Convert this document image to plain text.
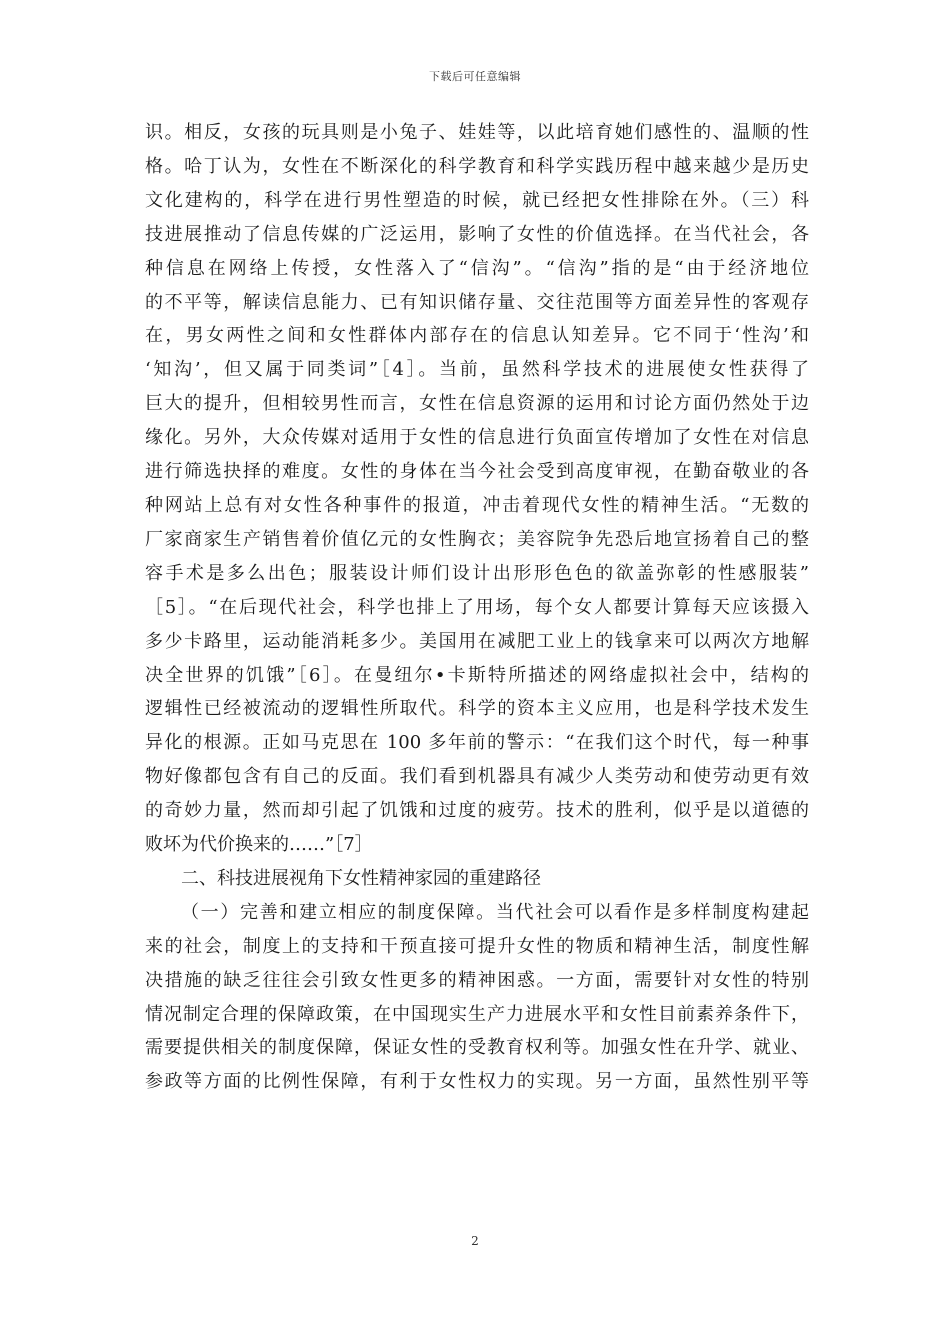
下载后可任意编辑

识。相反，女孩的玩具则是小兔子、娃娃等，以此培育她们感性的、温顺的性
格。哈丁认为，女性在不断深化的科学教育和科学实践历程中越来越少是历史
文化建构的，科学在进行男性塑造的时候，就已经把女性排除在外。（三）科
技进展推动了信息传媒的广泛运用，影响了女性的价值选择。在当代社会，各
种信息在网络上传授，女性落入了“信沟”。“信沟”指的是“由于经济地位
的不平等，解读信息能力、已有知识储存量、交往范围等方面差异性的客观存
在，男女两性之间和女性群体内部存在的信息认知差异。它不同于‘性沟’和
‘知沟’，但又属于同类词”［4］。当前，虽然科学技术的进展使女性获得了
巨大的提升，但相较男性而言，女性在信息资源的运用和讨论方面仍然处于边
缘化。另外，大众传媒对适用于女性的信息进行负面宣传增加了女性在对信息
进行筛选抉择的难度。女性的身体在当今社会受到高度审视，在勤奋敬业的各
种网站上总有对女性各种事件的报道，冲击着现代女性的精神生活。“无数的
厂家商家生产销售着价值亿元的女性胸衣；美容院争先恐后地宣扬着自己的整
容手术是多么出色；服装设计师们设计出形形色色的欲盖弥彰的性感服装”
［5］。“在后现代社会，科学也排上了用场，每个女人都要计算每天应该摄入
多少卡路里，运动能消耗多少。美国用在减肥工业上的钱拿来可以两次方地解
决全世界的饥饿”［6］。在曼纽尔•卡斯特所描述的网络虚拟社会中，结构的
逻辑性已经被流动的逻辑性所取代。科学的资本主义应用，也是科学技术发生
异化的根源。正如马克思在 100 多年前的警示：“在我们这个时代，每一种事
物好像都包含有自己的反面。我们看到机器具有减少人类劳动和使劳动更有效
的奇妙力量，然而却引起了饥饿和过度的疲劳。技术的胜利，似乎是以道德的
败坏为代价换来的……”［7］

二、科技进展视角下女性精神家园的重建路径

（一）完善和建立相应的制度保障。当代社会可以看作是多样制度构建起
来的社会，制度上的支持和干预直接可提升女性的物质和精神生活，制度性解
决措施的缺乏往往会引致女性更多的精神困惑。一方面，需要针对女性的特别
情况制定合理的保障政策，在中国现实生产力进展水平和女性目前素养条件下，
需要提供相关的制度保障，保证女性的受教育权利等。加强女性在升学、就业、
参政等方面的比例性保障，有利于女性权力的实现。另一方面，虽然性别平等

2
